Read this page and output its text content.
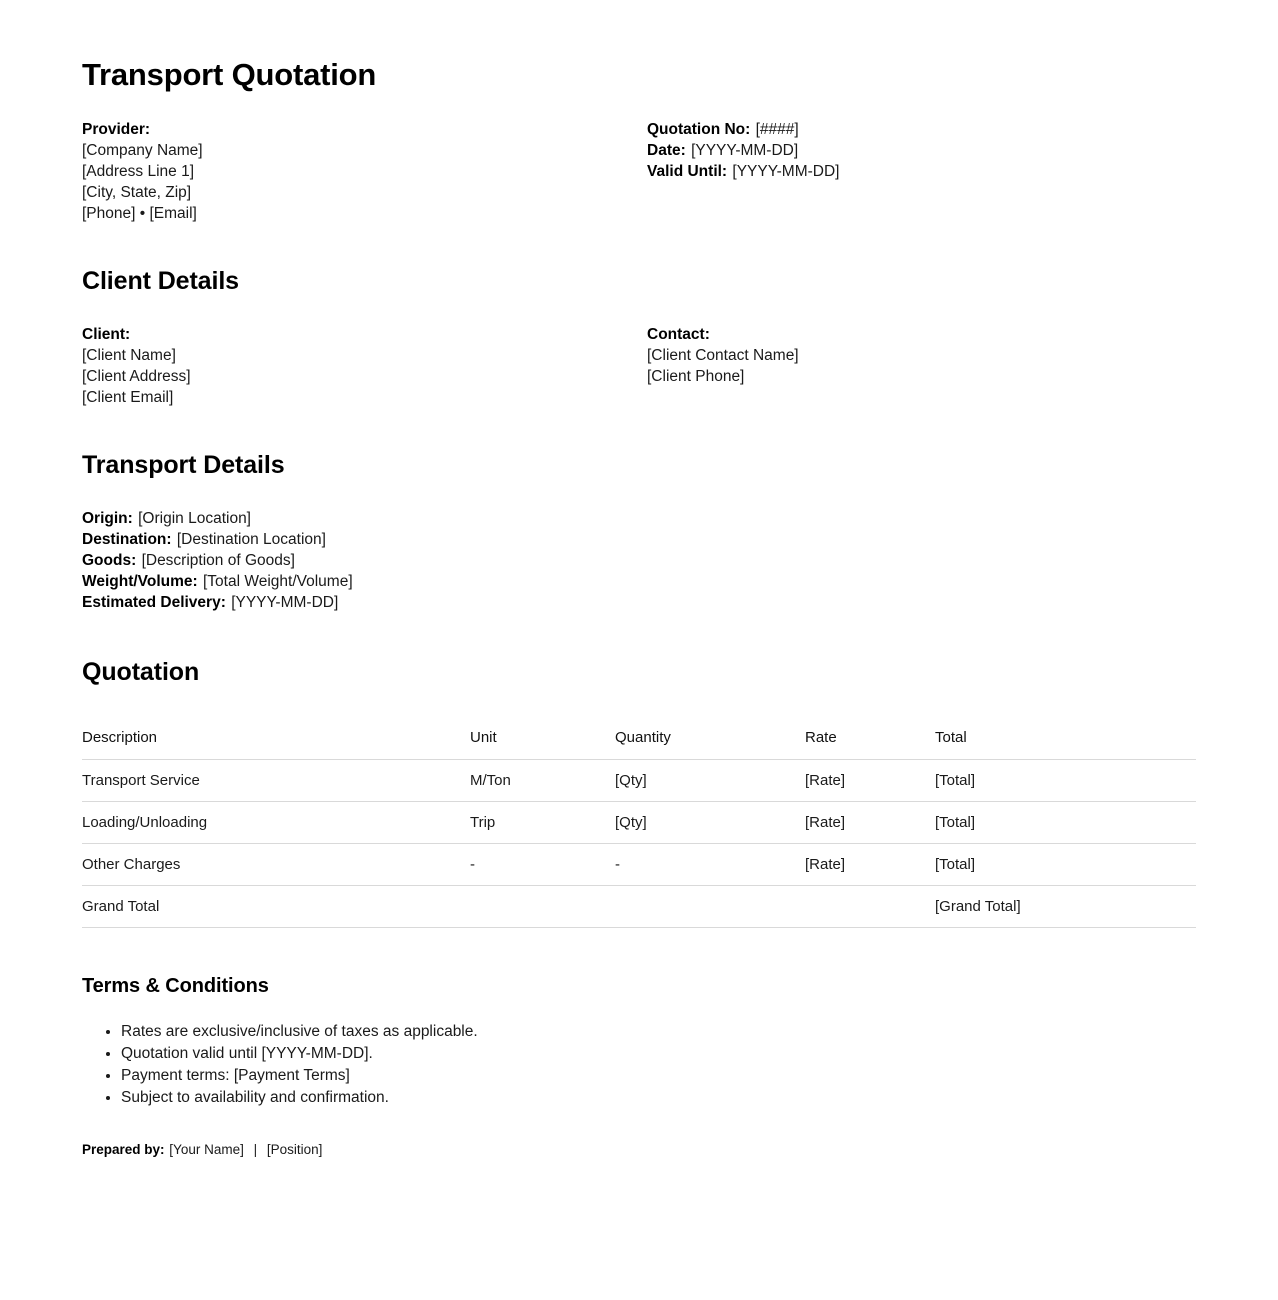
Transport Quotation
Provider:
[Company Name]
[Address Line 1]
[City, State, Zip]
[Phone] • [Email]
Quotation No: [####]
Date: [YYYY-MM-DD]
Valid Until: [YYYY-MM-DD]
Client Details
Client:
[Client Name]
[Client Address]
[Client Email]
Contact:
[Client Contact Name]
[Client Phone]
Transport Details
Origin: [Origin Location]
Destination: [Destination Location]
Goods: [Description of Goods]
Weight/Volume: [Total Weight/Volume]
Estimated Delivery: [YYYY-MM-DD]
Quotation
Description	Unit	Quantity	Rate	Total
Transport Service	M/Ton	[Qty]	[Rate]	[Total]
Loading/Unloading	Trip	[Qty]	[Rate]	[Total]
Other Charges	-	-	[Rate]	[Total]
Grand Total				[Grand Total]
Terms & Conditions
• Rates are exclusive/inclusive of taxes as applicable.
• Quotation valid until [YYYY-MM-DD].
• Payment terms: [Payment Terms]
• Subject to availability and confirmation.
Prepared by: [Your Name] | [Position]
